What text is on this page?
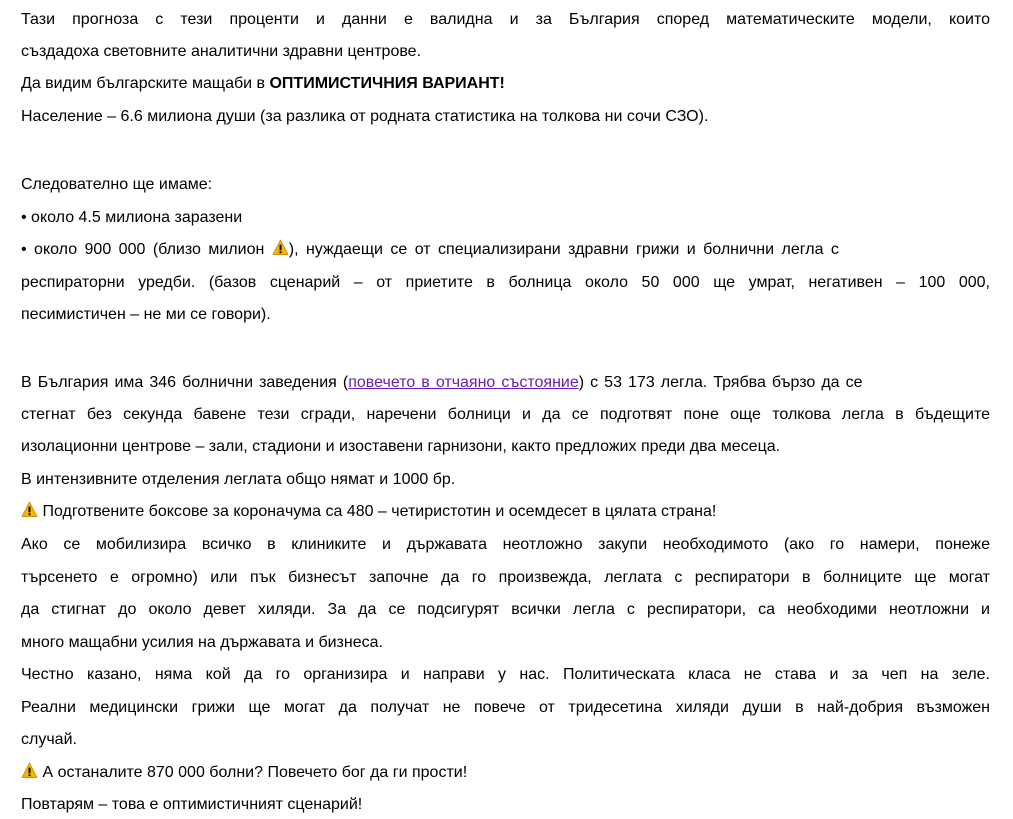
Тази прогноза с тези проценти и данни е валидна и за България според математическите модели, които
създадоха световните аналитични здравни центрове.
Да видим българските мащаби в ОПТИМИСТИЧНИЯ ВАРИАНТ!
Население – 6.6 милиона души (за разлика от родната статистика на толкова ни сочи СЗО).
Следователно ще имаме:
• около 4.5 милиона заразени
• около 900 000 (близо милион
), нуждаещи се от специализирани здравни грижи и болнични легла с
респираторни уредби. (базов сценарий – от приетите в болница около 50 000 ще умрат, негативен – 100 000,
песимистичен – не ми се говори).
В България има 346 болнични заведения (повечето в отчаяно състояние) с 53 173 легла. Трябва бързо да се
стегнат без секунда бавене тези сгради, наречени болници и да се подготвят поне още толкова легла в бъдещите
изолационни центрове – зали, стадиони и изоставени гарнизони, както предложих преди два месеца.
В интензивните отделения леглата общо нямат и 1000 бр.
Подготвените боксове за коронaчума са 480 – четиристотин и осемдесет в цялата страна!
Ако се мобилизира всичко в клиниките и държавата неотложно закупи необходимото (ако го намери, понеже
търсенето е огромно) или пък бизнесът започне да го произвежда, леглата с респиратори в болниците ще могат
да стигнат до около девет хиляди. За да се подсигурят всички легла с респиратори, са необходими неотложни и
много мащабни усилия на държавата и бизнеса.
Честно казано, няма кой да го организира и направи у нас. Политическата класа не става и за чеп на зеле.
Реални медицински грижи ще могат да получат не повече от тридесетина хиляди души в най-добрия възможен
случай.
А останалите 870 000 болни? Повечето бог да ги прости!
Повтарям – това е оптимистичният сценарий!
